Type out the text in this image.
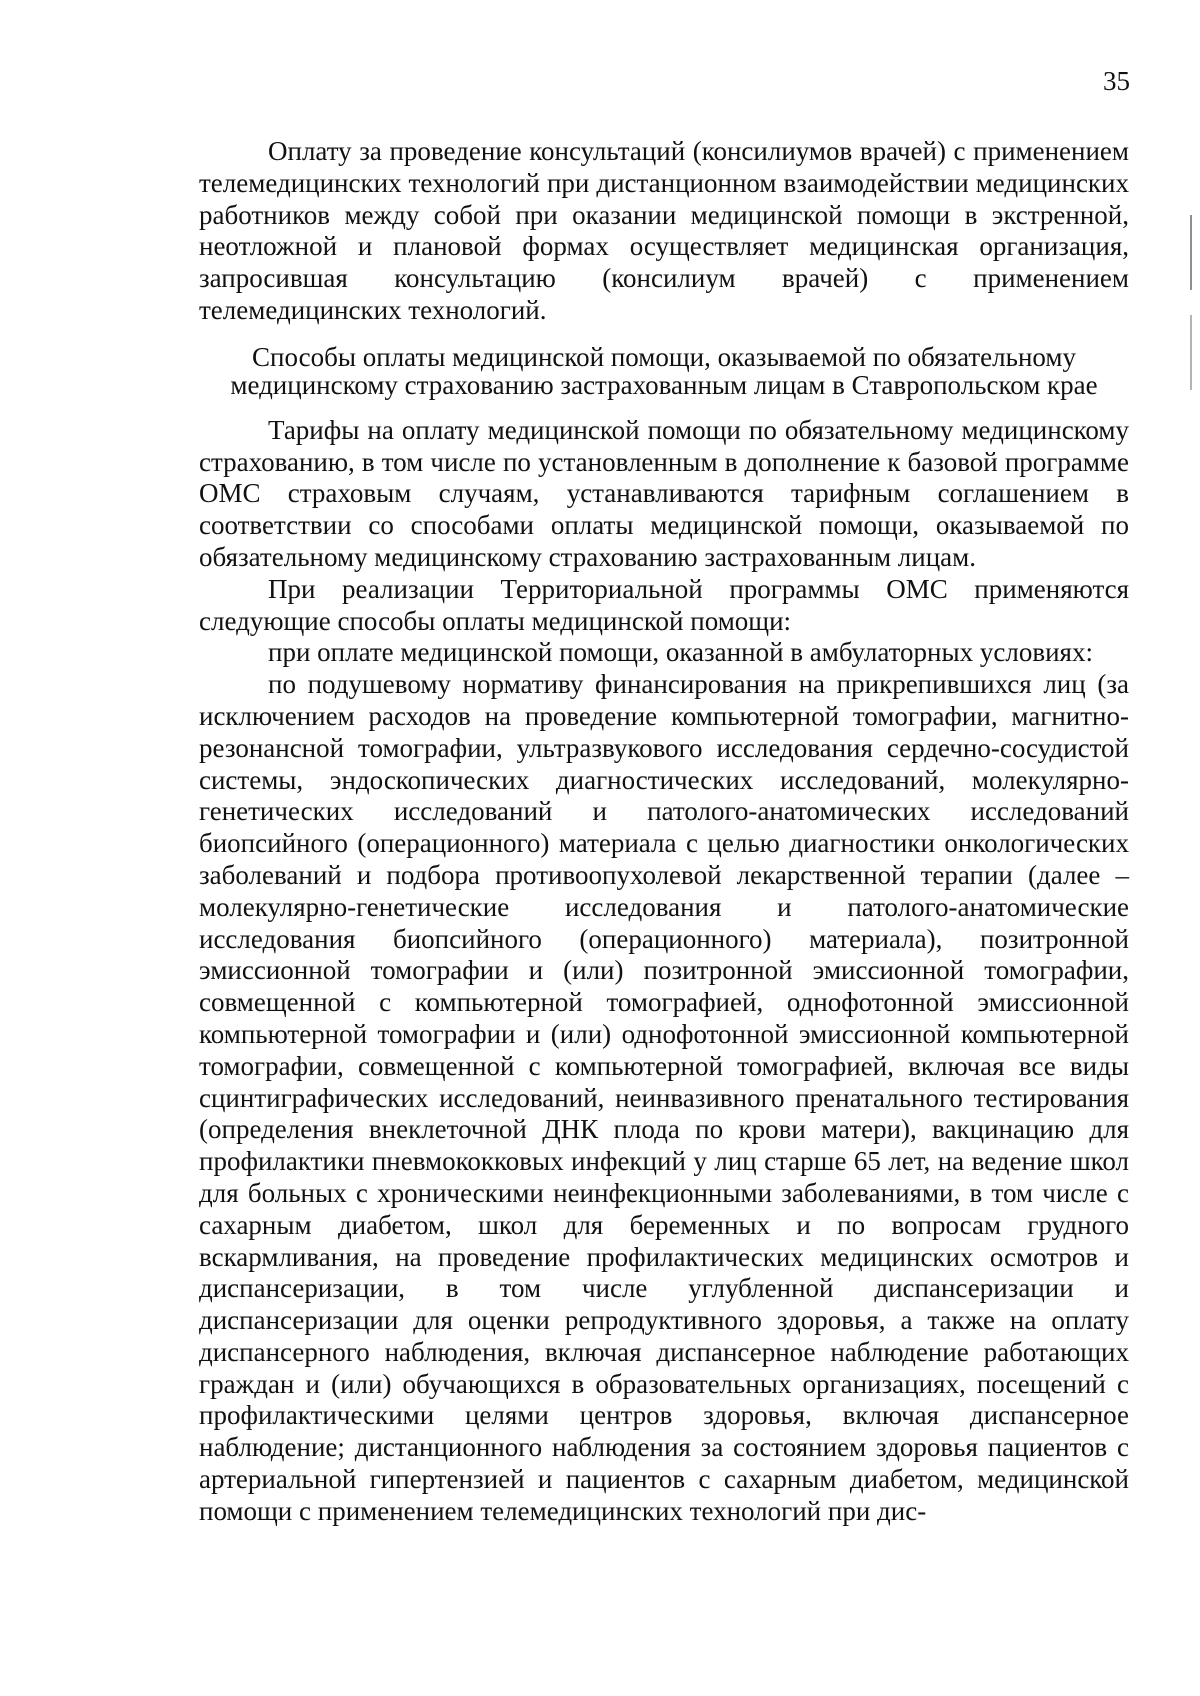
35

Оплату за проведение консультаций (консилиумов врачей) с применением телемедицинских технологий при дистанционном взаимодействии медицинских работников между собой при оказании медицинской помощи в экстренной, неотложной и плановой формах осуществляет медицинская организация, запросившая консультацию (консилиум врачей) с применением телемедицинских технологий.

Способы оплаты медицинской помощи, оказываемой по обязательному
медицинскому страхованию застрахованным лицам в Ставропольском крае

Тарифы на оплату медицинской помощи по обязательному медицинскому страхованию, в том числе по установленным в дополнение к базовой программе ОМС страховым случаям, устанавливаются тарифным соглашением в соответствии со способами оплаты медицинской помощи, оказываемой по обязательному медицинскому страхованию застрахованным лицам.

При реализации Территориальной программы ОМС применяются следующие способы оплаты медицинской помощи:

при оплате медицинской помощи, оказанной в амбулаторных условиях:

по подушевому нормативу финансирования на прикрепившихся лиц (за исключением расходов на проведение компьютерной томографии, магнитно-резонансной томографии, ультразвукового исследования сердечно-сосудистой системы, эндоскопических диагностических исследований, молекулярно-генетических исследований и патолого-анатомических исследований биопсийного (операционного) материала с целью диагностики онкологических заболеваний и подбора противоопухолевой лекарственной терапии (далее – молекулярно-генетические исследования и патолого-анатомические исследования биопсийного (операционного) материала), позитронной эмиссионной томографии и (или) позитронной эмиссионной томографии, совмещенной с компьютерной томографией, однофотонной эмиссионной компьютерной томографии и (или) однофотонной эмиссионной компьютерной томографии, совмещенной с компьютерной томографией, включая все виды сцинтиграфических исследований, неинвазивного пренатального тестирования (определения внеклеточной ДНК плода по крови матери), вакцинацию для профилактики пневмококковых инфекций у лиц старше 65 лет, на ведение школ для больных с хроническими неинфекционными заболеваниями, в том числе с сахарным диабетом, школ для беременных и по вопросам грудного вскармливания, на проведение профилактических медицинских осмотров и диспансеризации, в том числе углубленной диспансеризации и диспансеризации для оценки репродуктивного здоровья, а также на оплату диспансерного наблюдения, включая диспансерное наблюдение работающих граждан и (или) обучающихся в образовательных организациях, посещений с профилактическими целями центров здоровья, включая диспансерное наблюдение; дистанционного наблюдения за состоянием здоровья пациентов с артериальной гипертензией и пациентов с сахарным диабетом, медицинской помощи с применением телемедицинских технологий при дис-
